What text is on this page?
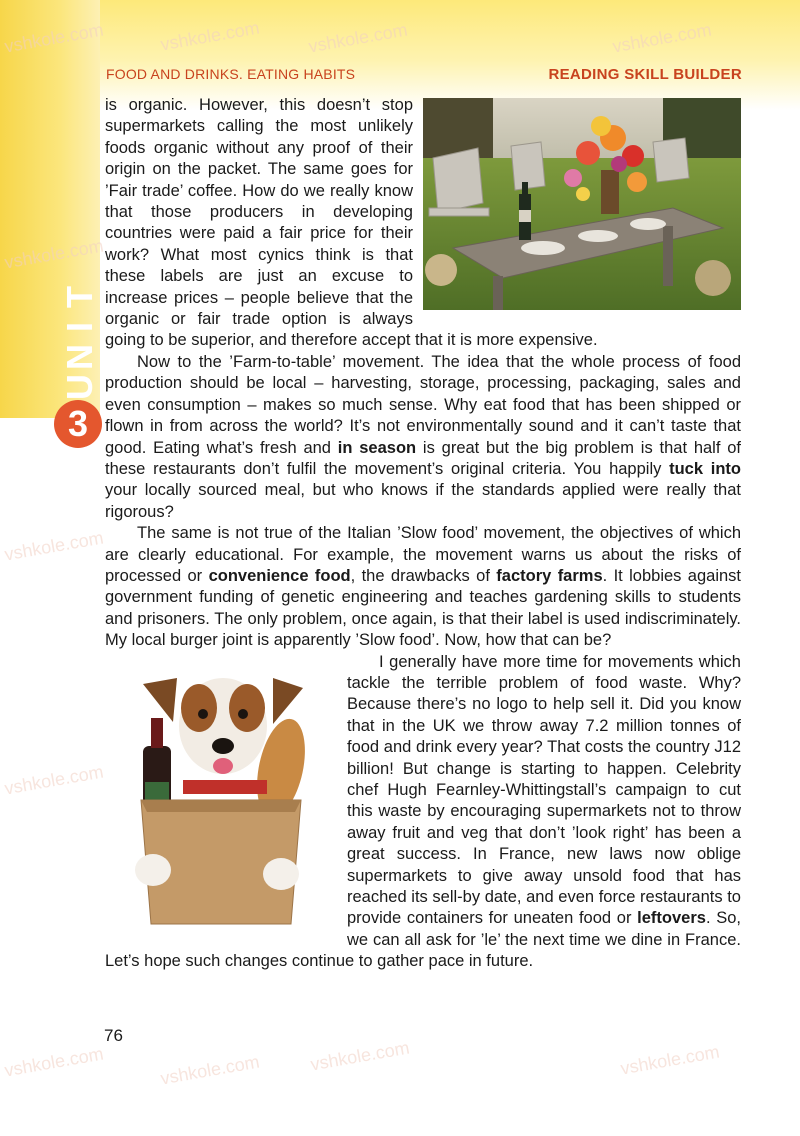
T
I
N
U
3
vshkole.com	vshkole.com	vshkole.com	vshkole.com
vshkole.com
vshkole.com
vshkole.com
vshkole.com	vshkole.com	vshkole.com	vshkole.com
FOOD AND DRINKS. EATING HABITS	READING SKILL BUILDER

is organic. However, this doesn’t stop supermarkets calling the most unlikely foods organic without any proof of their origin on the packet. The same goes for ’Fair trade’ coffee. How do we really know that those producers in developing countries were paid a fair price for their work? What most cynics think is that these labels are just an excuse to increase prices – people believe that the organic or fair trade option is always going to be superior, and therefore accept that it is more expensive.

Now to the ’Farm-to-table’ movement. The idea that the whole process of food production should be local – harvesting, storage, processing, packaging, sales and even consumption – makes so much sense. Why eat food that has been shipped or flown in from across the world? It’s not environmentally sound and it can’t taste that good. Eating what’s fresh and in season is great but the big problem is that half of these restaurants don’t fulfil the movement’s original criteria. You happily tuck into your locally sourced meal, but who knows if the standards applied were really that rigorous?

The same is not true of the Italian ’Slow food’ movement, the objectives of which are clearly educational. For example, the movement warns us about the risks of processed or convenience food, the drawbacks of factory farms. It lobbies against government funding of genetic engineering and teaches gardening skills to students and prisoners. The only problem, once again, is that their label is used indiscriminately. My local burger joint is apparently ’Slow food’. Now, how that can be?

I generally have more time for movements which tackle the terrible problem of food waste. Why? Because there’s no logo to help sell it. Did you know that in the UK we throw away 7.2 million tonnes of food and drink every year? That costs the country J12 billion! But change is starting to happen. Celebrity chef Hugh Fearnley-Whittingstall’s campaign to cut this waste by encouraging supermarkets not to throw away fruit and veg that don’t ’look right’ has been a great success. In France, new laws now oblige supermarkets to give away unsold food that has reached its sell-by date, and even force restaurants to provide containers for uneaten food or leftovers. So, we can all ask for ’le’ the next time we dine in France. Let’s hope such changes continue to gather pace in future.

76
